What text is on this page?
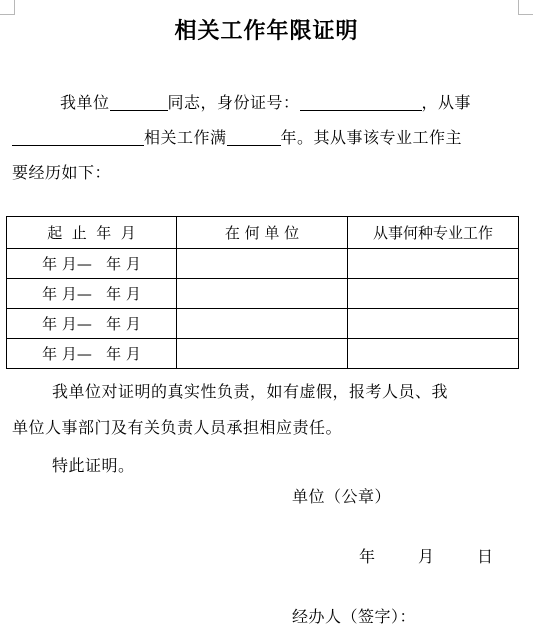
相关工作年限证明
我单位	同志，身份证号：	，从事
相关工作满	年。其从事该专业工作主
要经历如下：
起  止  年  月	在 何 单 位	从事何种专业工作
年 月—   年 月		
年 月—   年 月		
年 月—   年 月		
年 月—   年 月		
我单位对证明的真实性负责，如有虚假，报考人员、我
单位人事部门及有关负责人员承担相应责任。
特此证明。
单位（公章）
年	月	日
经办人（签字）：
